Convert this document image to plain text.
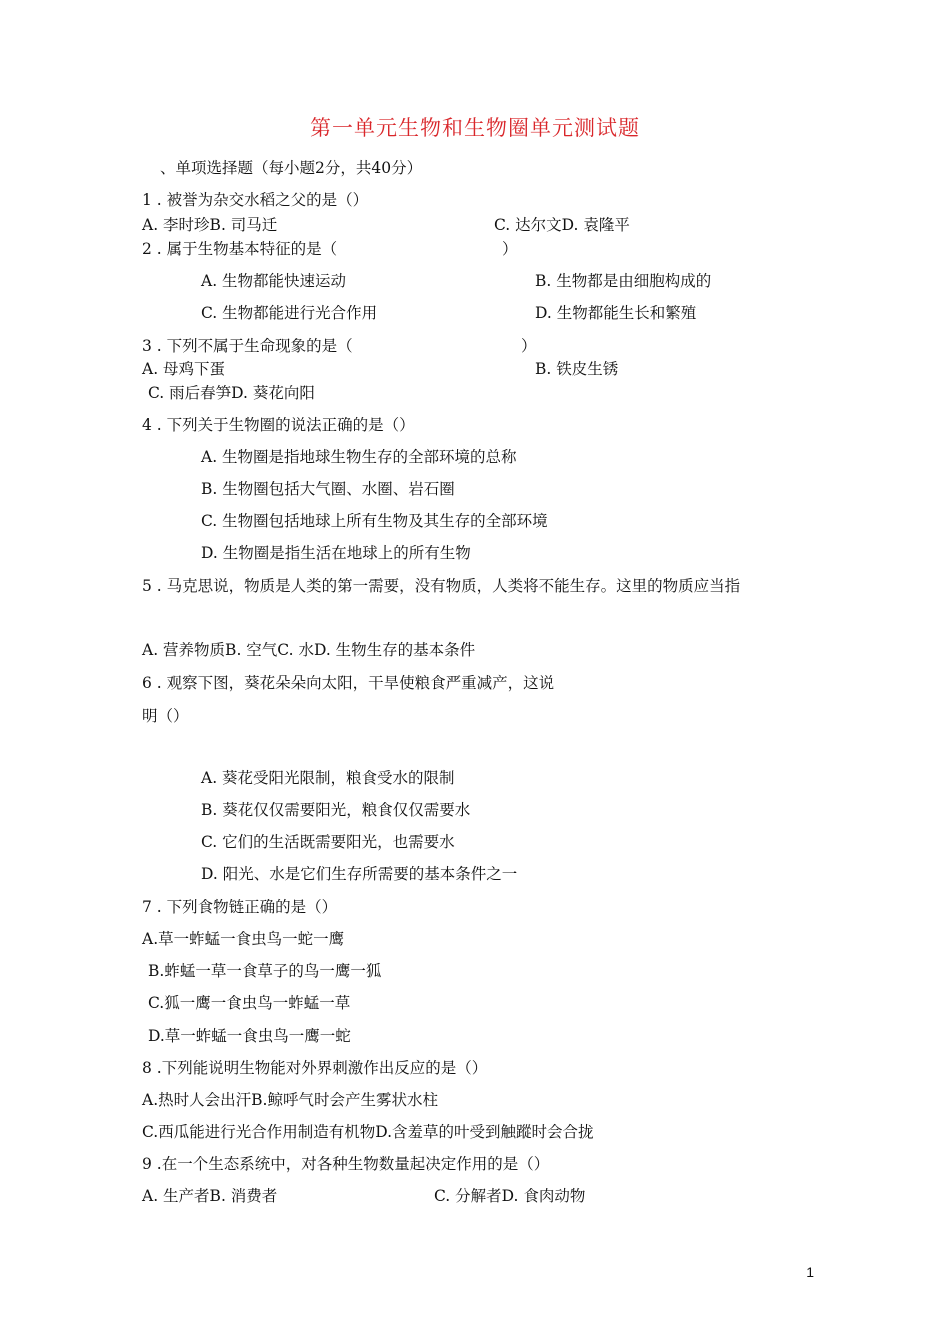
第一单元生物和生物圈单元测试题
、单项选择题（每小题2分，共40分）
1 . 被誉为杂交水稻之父的是（）
A. 李时珍B. 司马迁	C. 达尔文D. 袁隆平
2 . 属于生物基本特征的是（	）
A. 生物都能快速运动	B. 生物都是由细胞构成的
C. 生物都能进行光合作用	D. 生物都能生长和繁殖
3 . 下列不属于生命现象的是（	）
A. 母鸡下蛋	B. 铁皮生锈
C. 雨后春笋D. 葵花向阳
4 . 下列关于生物圈的说法正确的是（）
A. 生物圈是指地球生物生存的全部环境的总称
B. 生物圈包括大气圈、水圈、岩石圈
C. 生物圈包括地球上所有生物及其生存的全部环境
D. 生物圈是指生活在地球上的所有生物
5 . 马克思说，物质是人类的第一需要，没有物质，人类将不能生存。这里的物质应当指
A. 营养物质B. 空气C. 水D. 生物生存的基本条件
6 . 观察下图，葵花朵朵向太阳，干旱使粮食严重减产，这说
明（）
A. 葵花受阳光限制，粮食受水的限制
B. 葵花仅仅需要阳光，粮食仅仅需要水
C. 它们的生活既需要阳光，也需要水
D. 阳光、水是它们生存所需要的基本条件之一
7 . 下列食物链正确的是（）
A.草一蚱蜢一食虫鸟一蛇一鹰
B.蚱蜢一草一食草子的鸟一鹰一狐
C.狐一鹰一食虫鸟一蚱蜢一草
D.草一蚱蜢一食虫鸟一鹰一蛇
8 .下列能说明生物能对外界刺激作出反应的是（）
A.热时人会出汗B.鲸呼气时会产生雾状水柱
C.西瓜能进行光合作用制造有机物D.含羞草的叶受到触蹤时会合拢
9 .在一个生态系统中，对各种生物数量起决定作用的是（）
A. 生产者B. 消费者	C. 分解者D. 食肉动物
1
